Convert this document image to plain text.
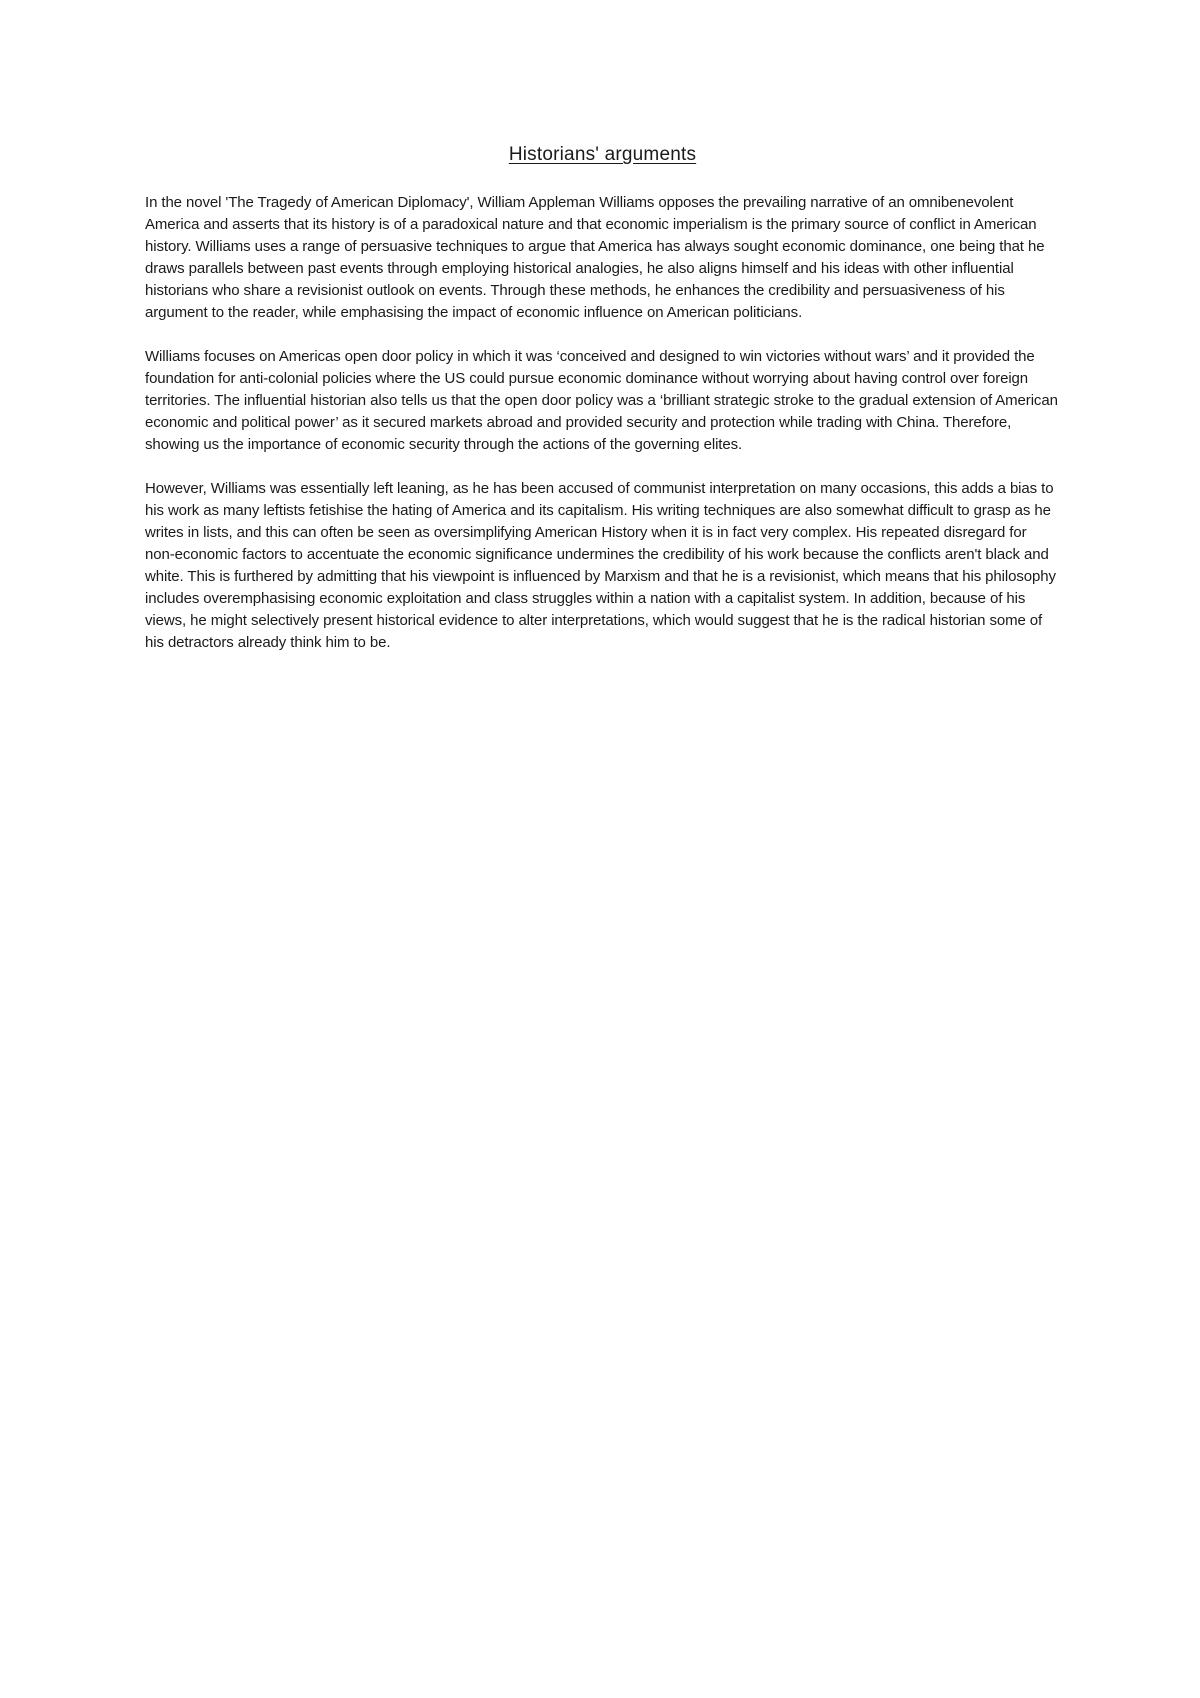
Historians' arguments

In the novel 'The Tragedy of American Diplomacy', William Appleman Williams opposes the prevailing narrative of an omnibenevolent America and asserts that its history is of a paradoxical nature and that economic imperialism is the primary source of conflict in American history. Williams uses a range of persuasive techniques to argue that America has always sought economic dominance, one being that he draws parallels between past events through employing historical analogies, he also aligns himself and his ideas with other influential historians who share a revisionist outlook on events. Through these methods, he enhances the credibility and persuasiveness of his argument to the reader, while emphasising the impact of economic influence on American politicians.

Williams focuses on Americas open door policy in which it was ‘conceived and designed to win victories without wars’ and it provided the foundation for anti-colonial policies where the US could pursue economic dominance without worrying about having control over foreign territories. The influential historian also tells us that the open door policy was a ‘brilliant strategic stroke to the gradual extension of American economic and political power’ as it secured markets abroad and provided security and protection while trading with China. Therefore, showing us the importance of economic security through the actions of the governing elites.

However, Williams was essentially left leaning, as he has been accused of communist interpretation on many occasions, this adds a bias to his work as many leftists fetishise the hating of America and its capitalism. His writing techniques are also somewhat difficult to grasp as he writes in lists, and this can often be seen as oversimplifying American History when it is in fact very complex. His repeated disregard for non-economic factors to accentuate the economic significance undermines the credibility of his work because the conflicts aren't black and white. This is furthered by admitting that his viewpoint is influenced by Marxism and that he is a revisionist, which means that his philosophy includes overemphasising economic exploitation and class struggles within a nation with a capitalist system. In addition, because of his views, he might selectively present historical evidence to alter interpretations, which would suggest that he is the radical historian some of his detractors already think him to be.
